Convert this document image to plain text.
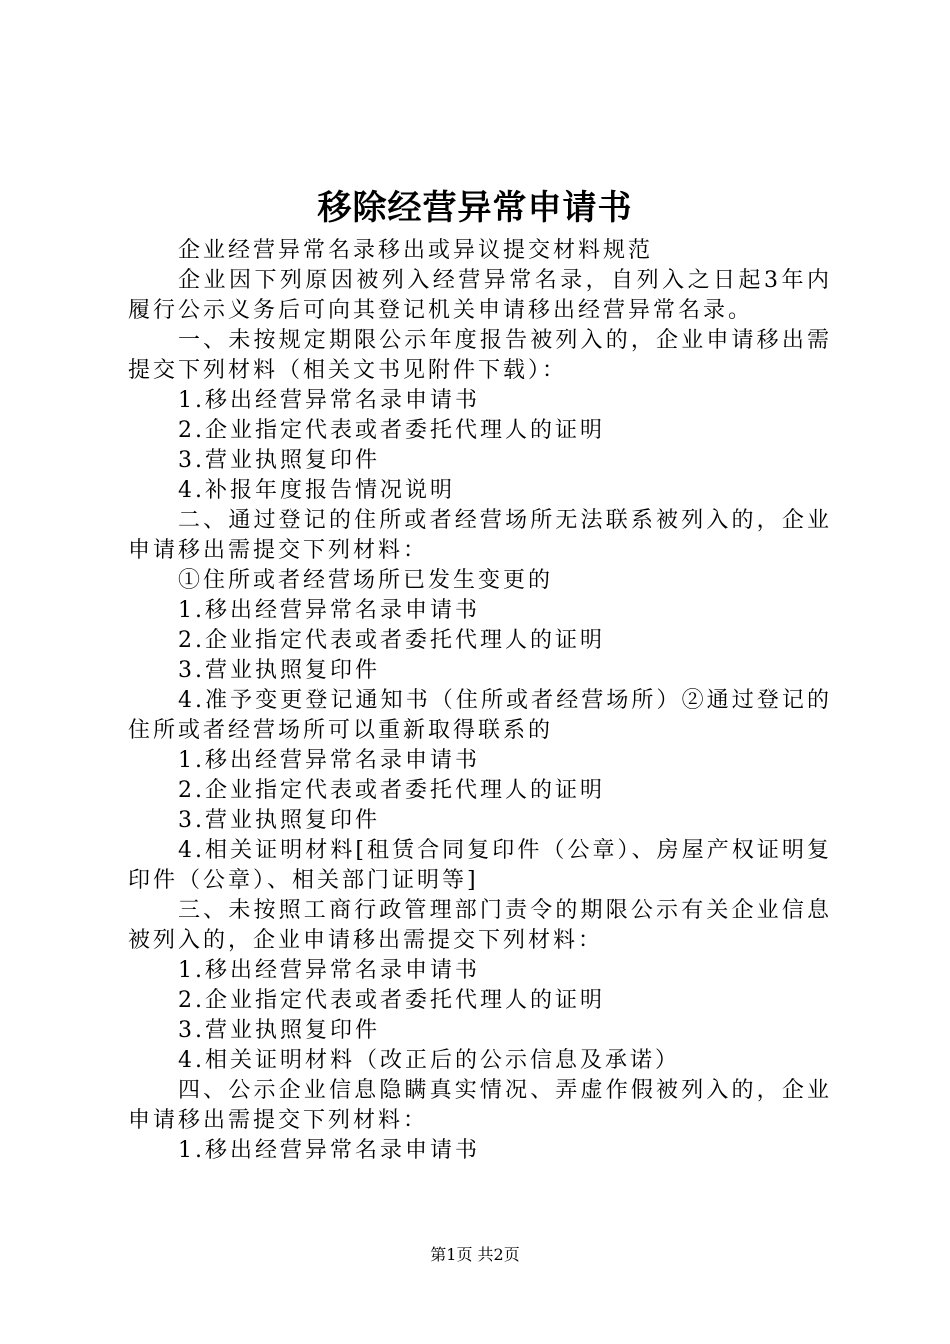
移除经营异常申请书

企业经营异常名录移出或异议提交材料规范

企业因下列原因被列入经营异常名录，自列入之日起3年内履行公示义务后可向其登记机关申请移出经营异常名录。

一、未按规定期限公示年度报告被列入的，企业申请移出需提交下列材料（相关文书见附件下载）：

1.移出经营异常名录申请书

2.企业指定代表或者委托代理人的证明

3.营业执照复印件

4.补报年度报告情况说明

二、通过登记的住所或者经营场所无法联系被列入的，企业申请移出需提交下列材料：

①住所或者经营场所已发生变更的

1.移出经营异常名录申请书

2.企业指定代表或者委托代理人的证明

3.营业执照复印件

4.准予变更登记通知书（住所或者经营场所）②通过登记的住所或者经营场所可以重新取得联系的

1.移出经营异常名录申请书

2.企业指定代表或者委托代理人的证明

3.营业执照复印件

4.相关证明材料[租赁合同复印件（公章）、房屋产权证明复印件（公章）、相关部门证明等]

三、未按照工商行政管理部门责令的期限公示有关企业信息被列入的，企业申请移出需提交下列材料：

1.移出经营异常名录申请书

2.企业指定代表或者委托代理人的证明

3.营业执照复印件

4.相关证明材料（改正后的公示信息及承诺）

四、公示企业信息隐瞒真实情况、弄虚作假被列入的，企业申请移出需提交下列材料：

1.移出经营异常名录申请书

第1页 共2页
